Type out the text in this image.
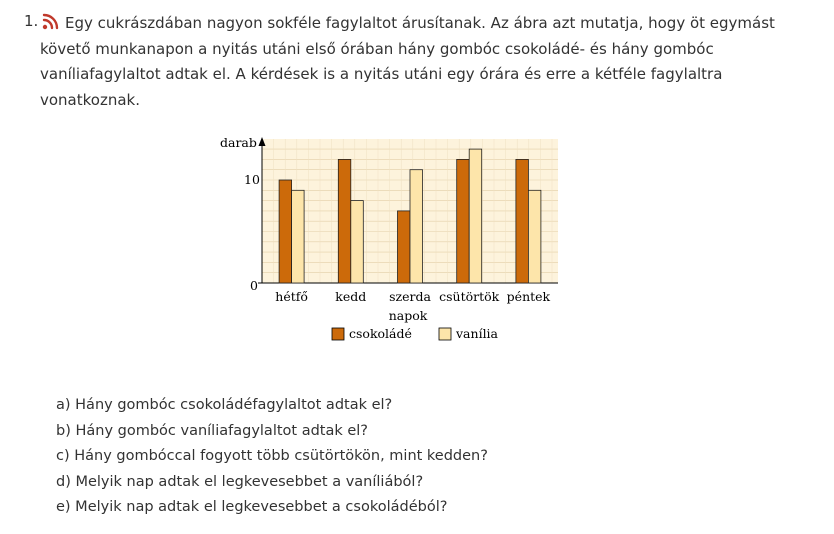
1.	Egy cukrászdában nagyon sokféle fagylaltot árusítanak. Az ábra azt mutatja, hogy öt egymást követő munkanapon a nyitás utáni első órában hány gombóc csokoládé- és hány gombóc vaníliafagylaltot adtak el. A kérdések is a nyitás utáni egy órára és erre a kétféle fagylaltra vonatkoznak.
darab
10
0
hétfő kedd szerda csütörtök péntek
napok
csokoládé	vanília
a) Hány gombóc csokoládéfagylaltot adtak el?
b) Hány gombóc vaníliafagylaltot adtak el?
c) Hány gombóccal fogyott több csütörtökön, mint kedden?
d) Melyik nap adtak el legkevesebbet a vaníliából?
e) Melyik nap adtak el legkevesebbet a csokoládéból?
